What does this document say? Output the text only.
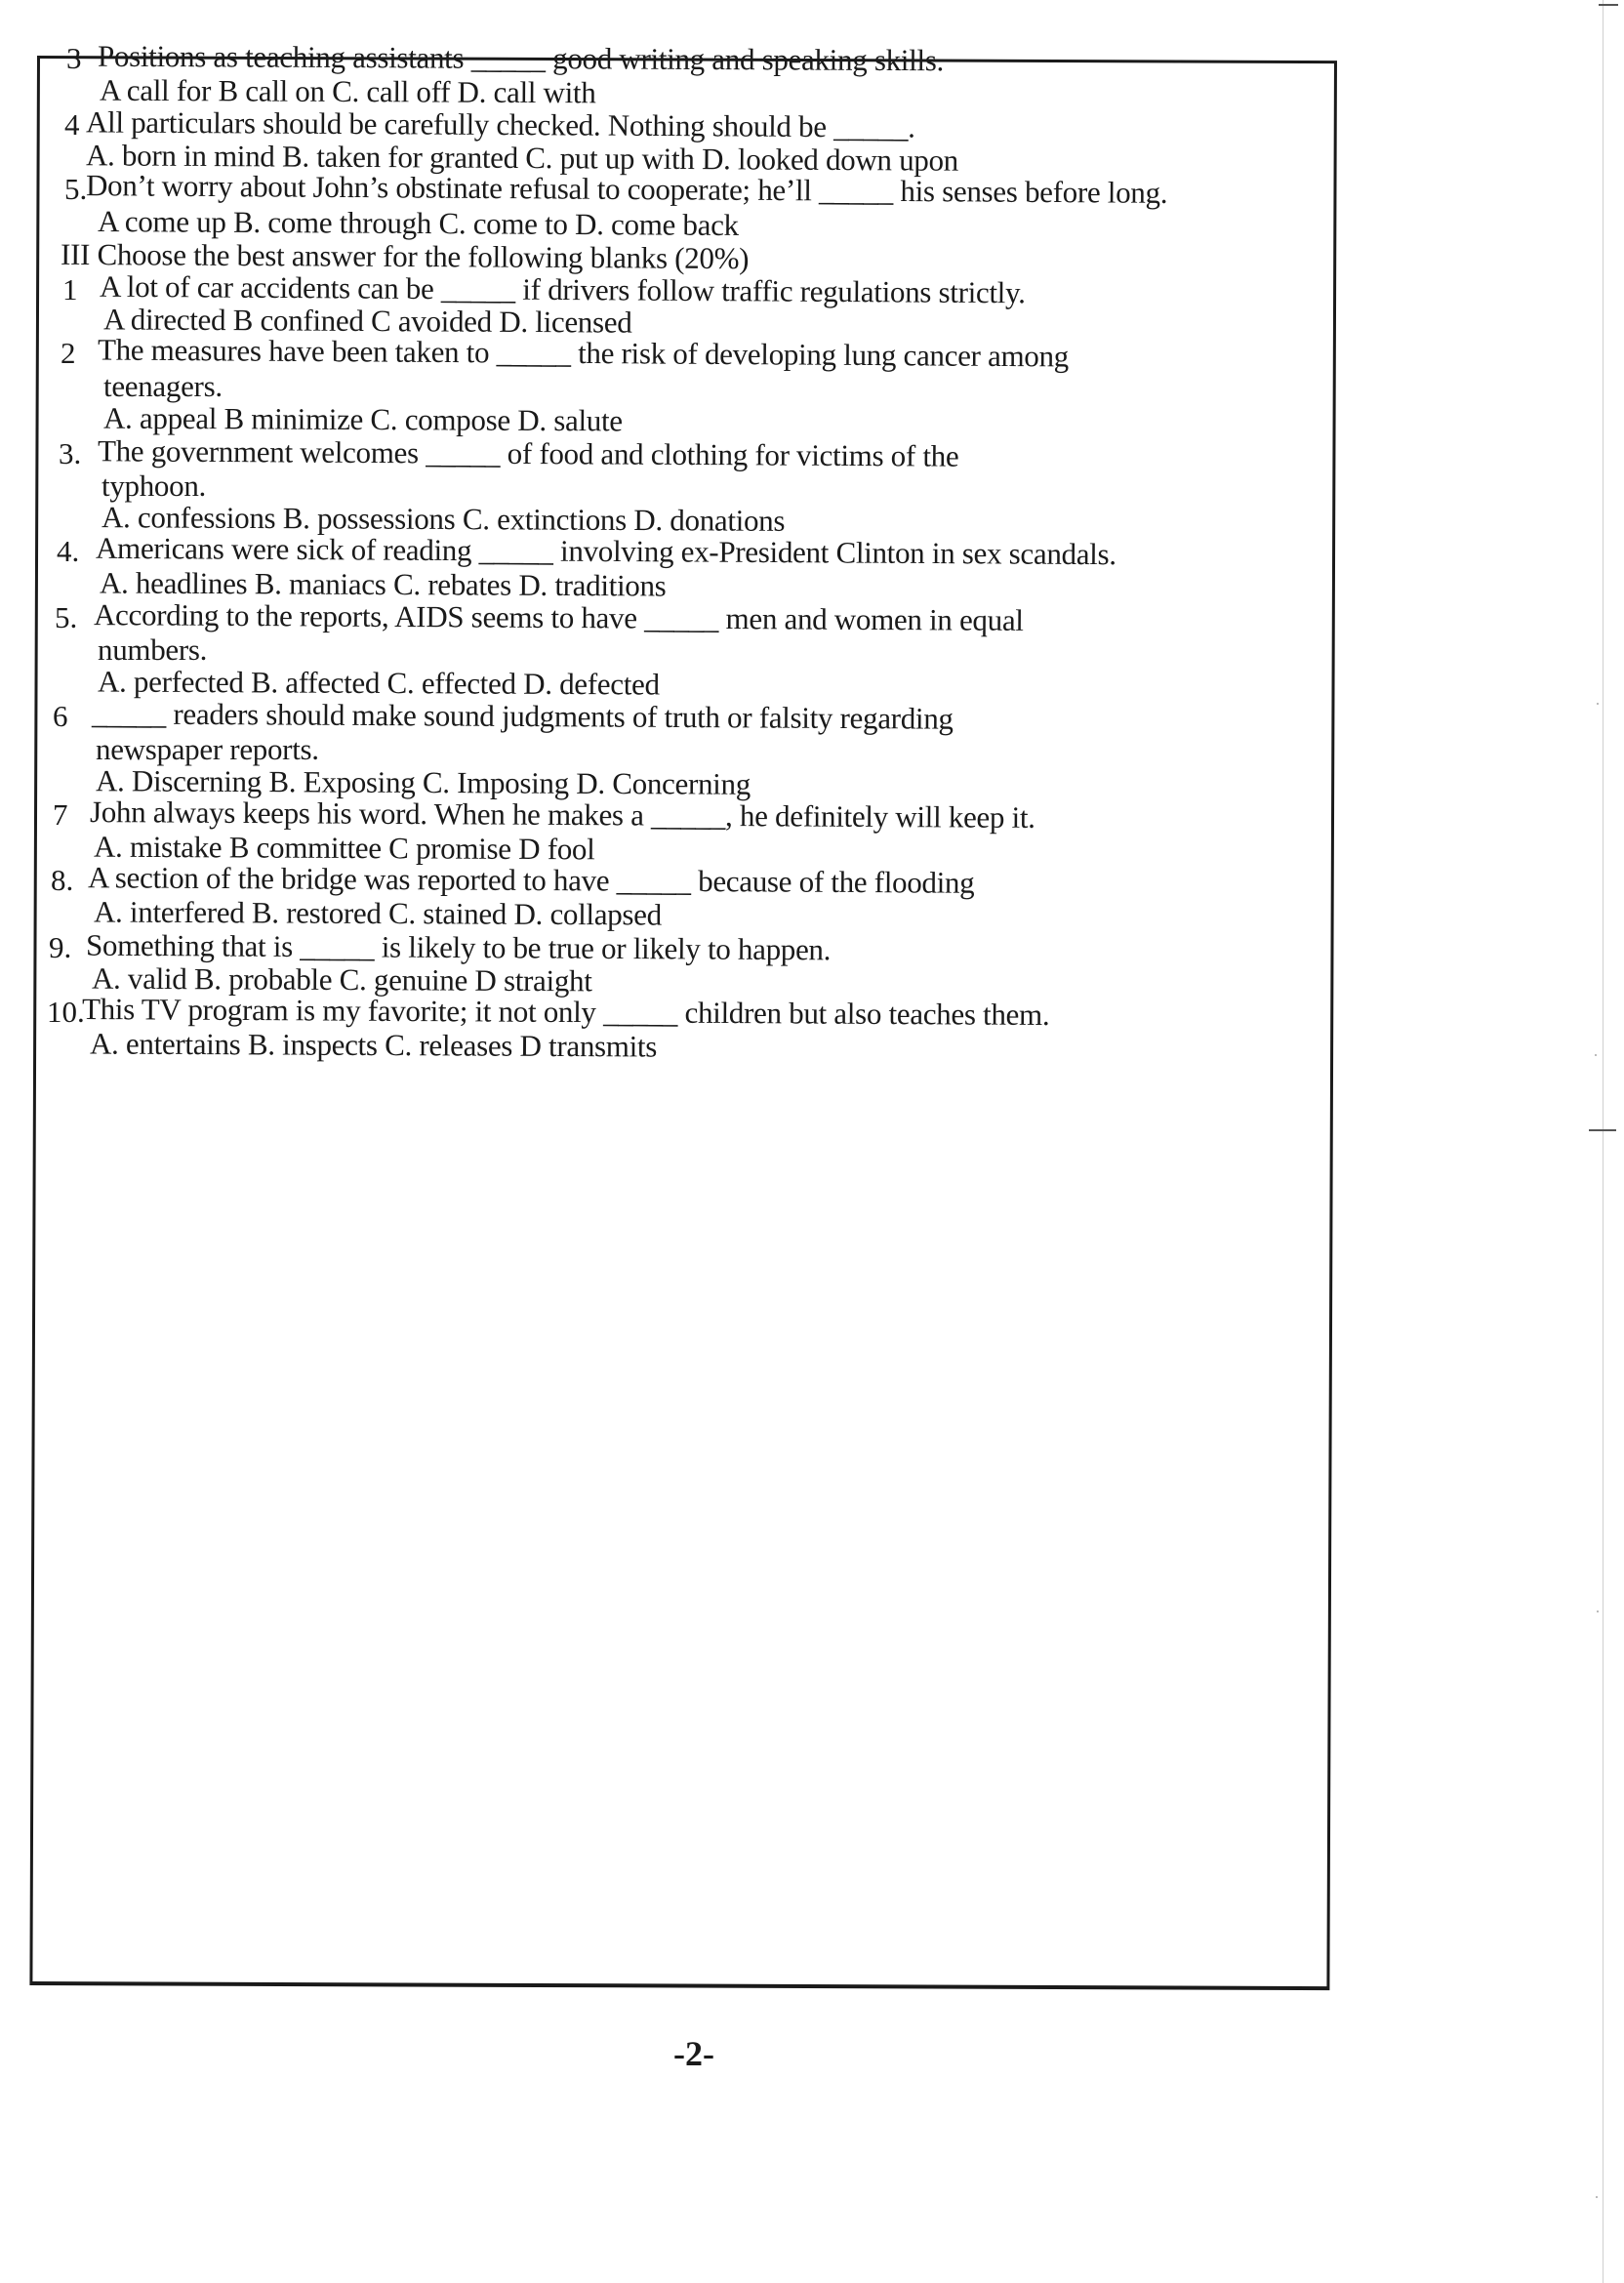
3 Positions as teaching assistants _____ good writing and speaking skills.
A call for B call on C. call off D. call with
4 All particulars should be carefully checked. Nothing should be _____.
A. born in mind B. taken for granted C. put up with D. looked down upon
5.
Don’t worry about John’s obstinate refusal to cooperate; he’ll _____ his senses before long.
A come up B. come through C. come to D. come back
III Choose the best answer for the following blanks (20%)
1 A lot of car accidents can be _____ if drivers follow traffic regulations strictly.
A directed B confined C avoided D. licensed
2 The measures have been taken to _____ the risk of developing lung cancer among
teenagers.
A. appeal B minimize C. compose D. salute
3. The government welcomes _____ of food and clothing for victims of the
typhoon.
A. confessions B. possessions C. extinctions D. donations
4. Americans were sick of reading _____ involving ex-President Clinton in sex scandals.
A. headlines B. maniacs C. rebates D. traditions
5. According to the reports, AIDS seems to have _____ men and women in equal
numbers.
A. perfected B. affected C. effected D. defected
6 _____ readers should make sound judgments of truth or falsity regarding
newspaper reports.
A. Discerning B. Exposing C. Imposing D. Concerning
7 John always keeps his word. When he makes a _____, he definitely will keep it.
A. mistake B committee C promise D fool
8. A section of the bridge was reported to have _____ because of the flooding
A. interfered B. restored C. stained D. collapsed
9. Something that is _____ is likely to be true or likely to happen.
A. valid B. probable C. genuine D straight
10.
This TV program is my favorite; it not only _____ children but also teaches them.
A. entertains B. inspects C. releases D transmits
-2-
